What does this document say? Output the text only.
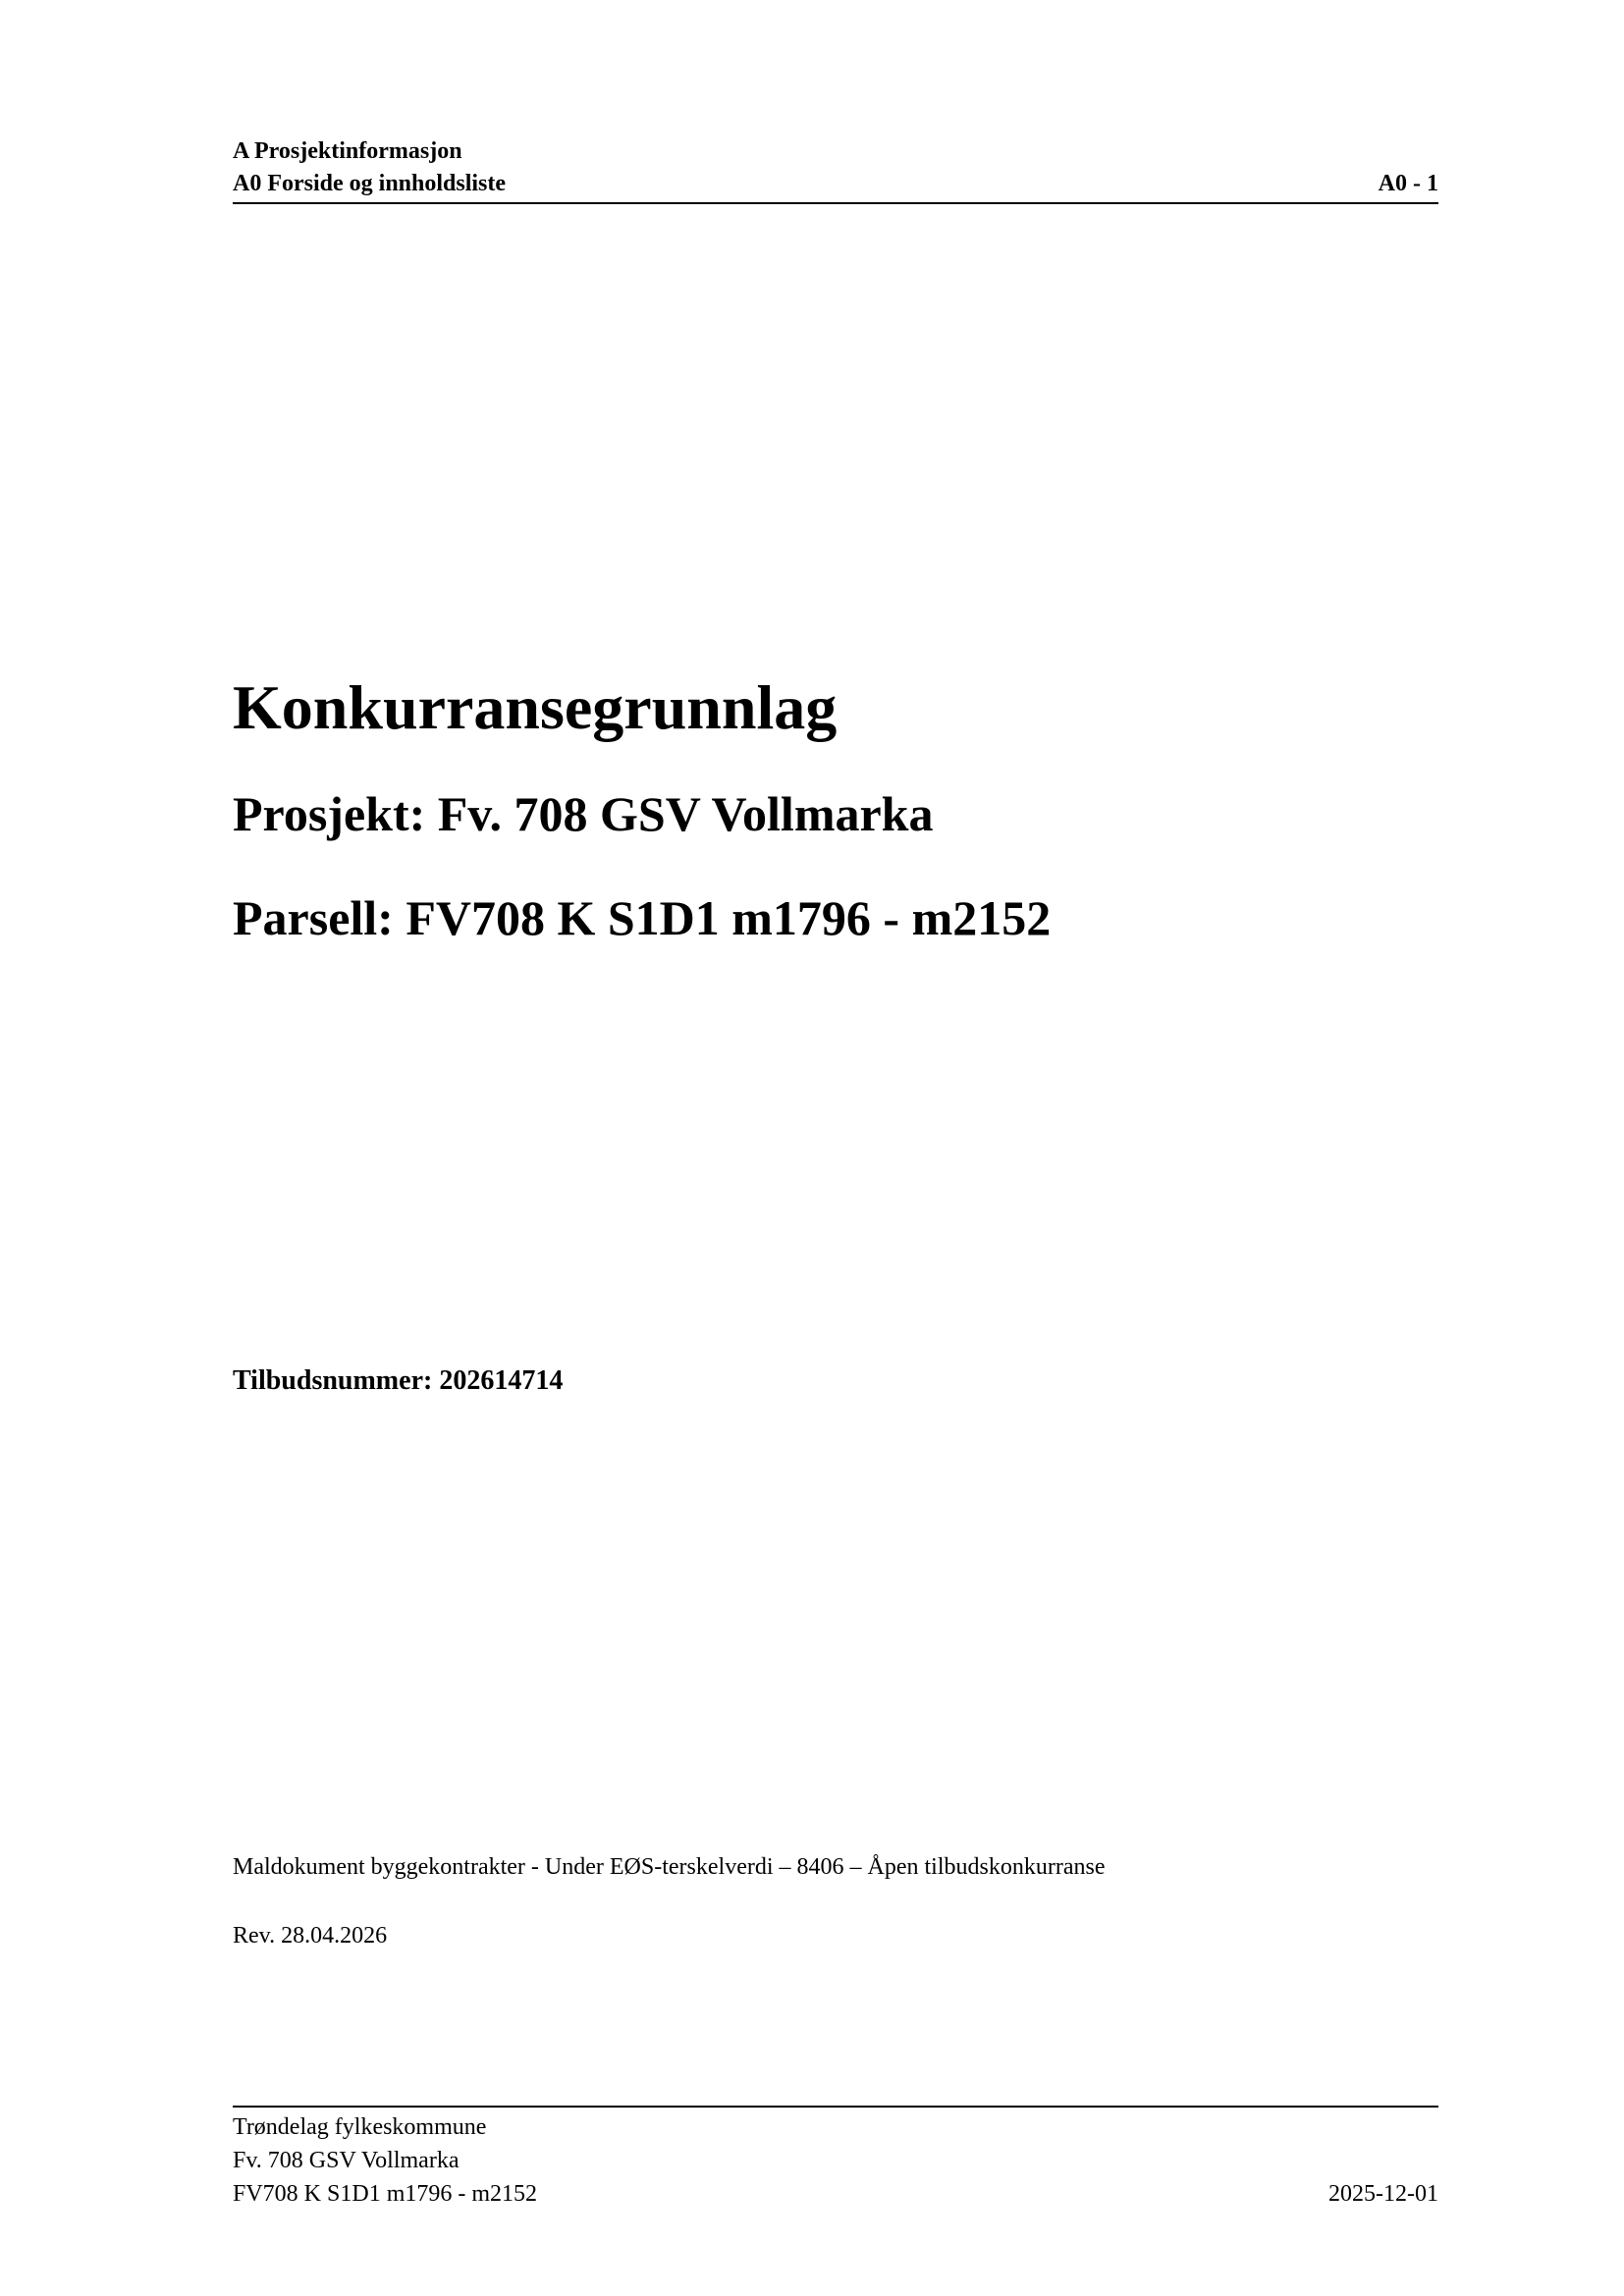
A Prosjektinformasjon
A0 Forside og innholdsliste	A0 - 1
Konkurransegrunnlag
Prosjekt: Fv. 708 GSV Vollmarka
Parsell: FV708 K S1D1 m1796 - m2152
Tilbudsnummer: 202614714
Maldokument byggekontrakter - Under EØS-terskelverdi – 8406 – Åpen tilbudskonkurranse
Rev. 28.04.2026
Trøndelag fylkeskommune
Fv. 708 GSV Vollmarka
FV708 K S1D1 m1796 - m2152	2025-12-01
